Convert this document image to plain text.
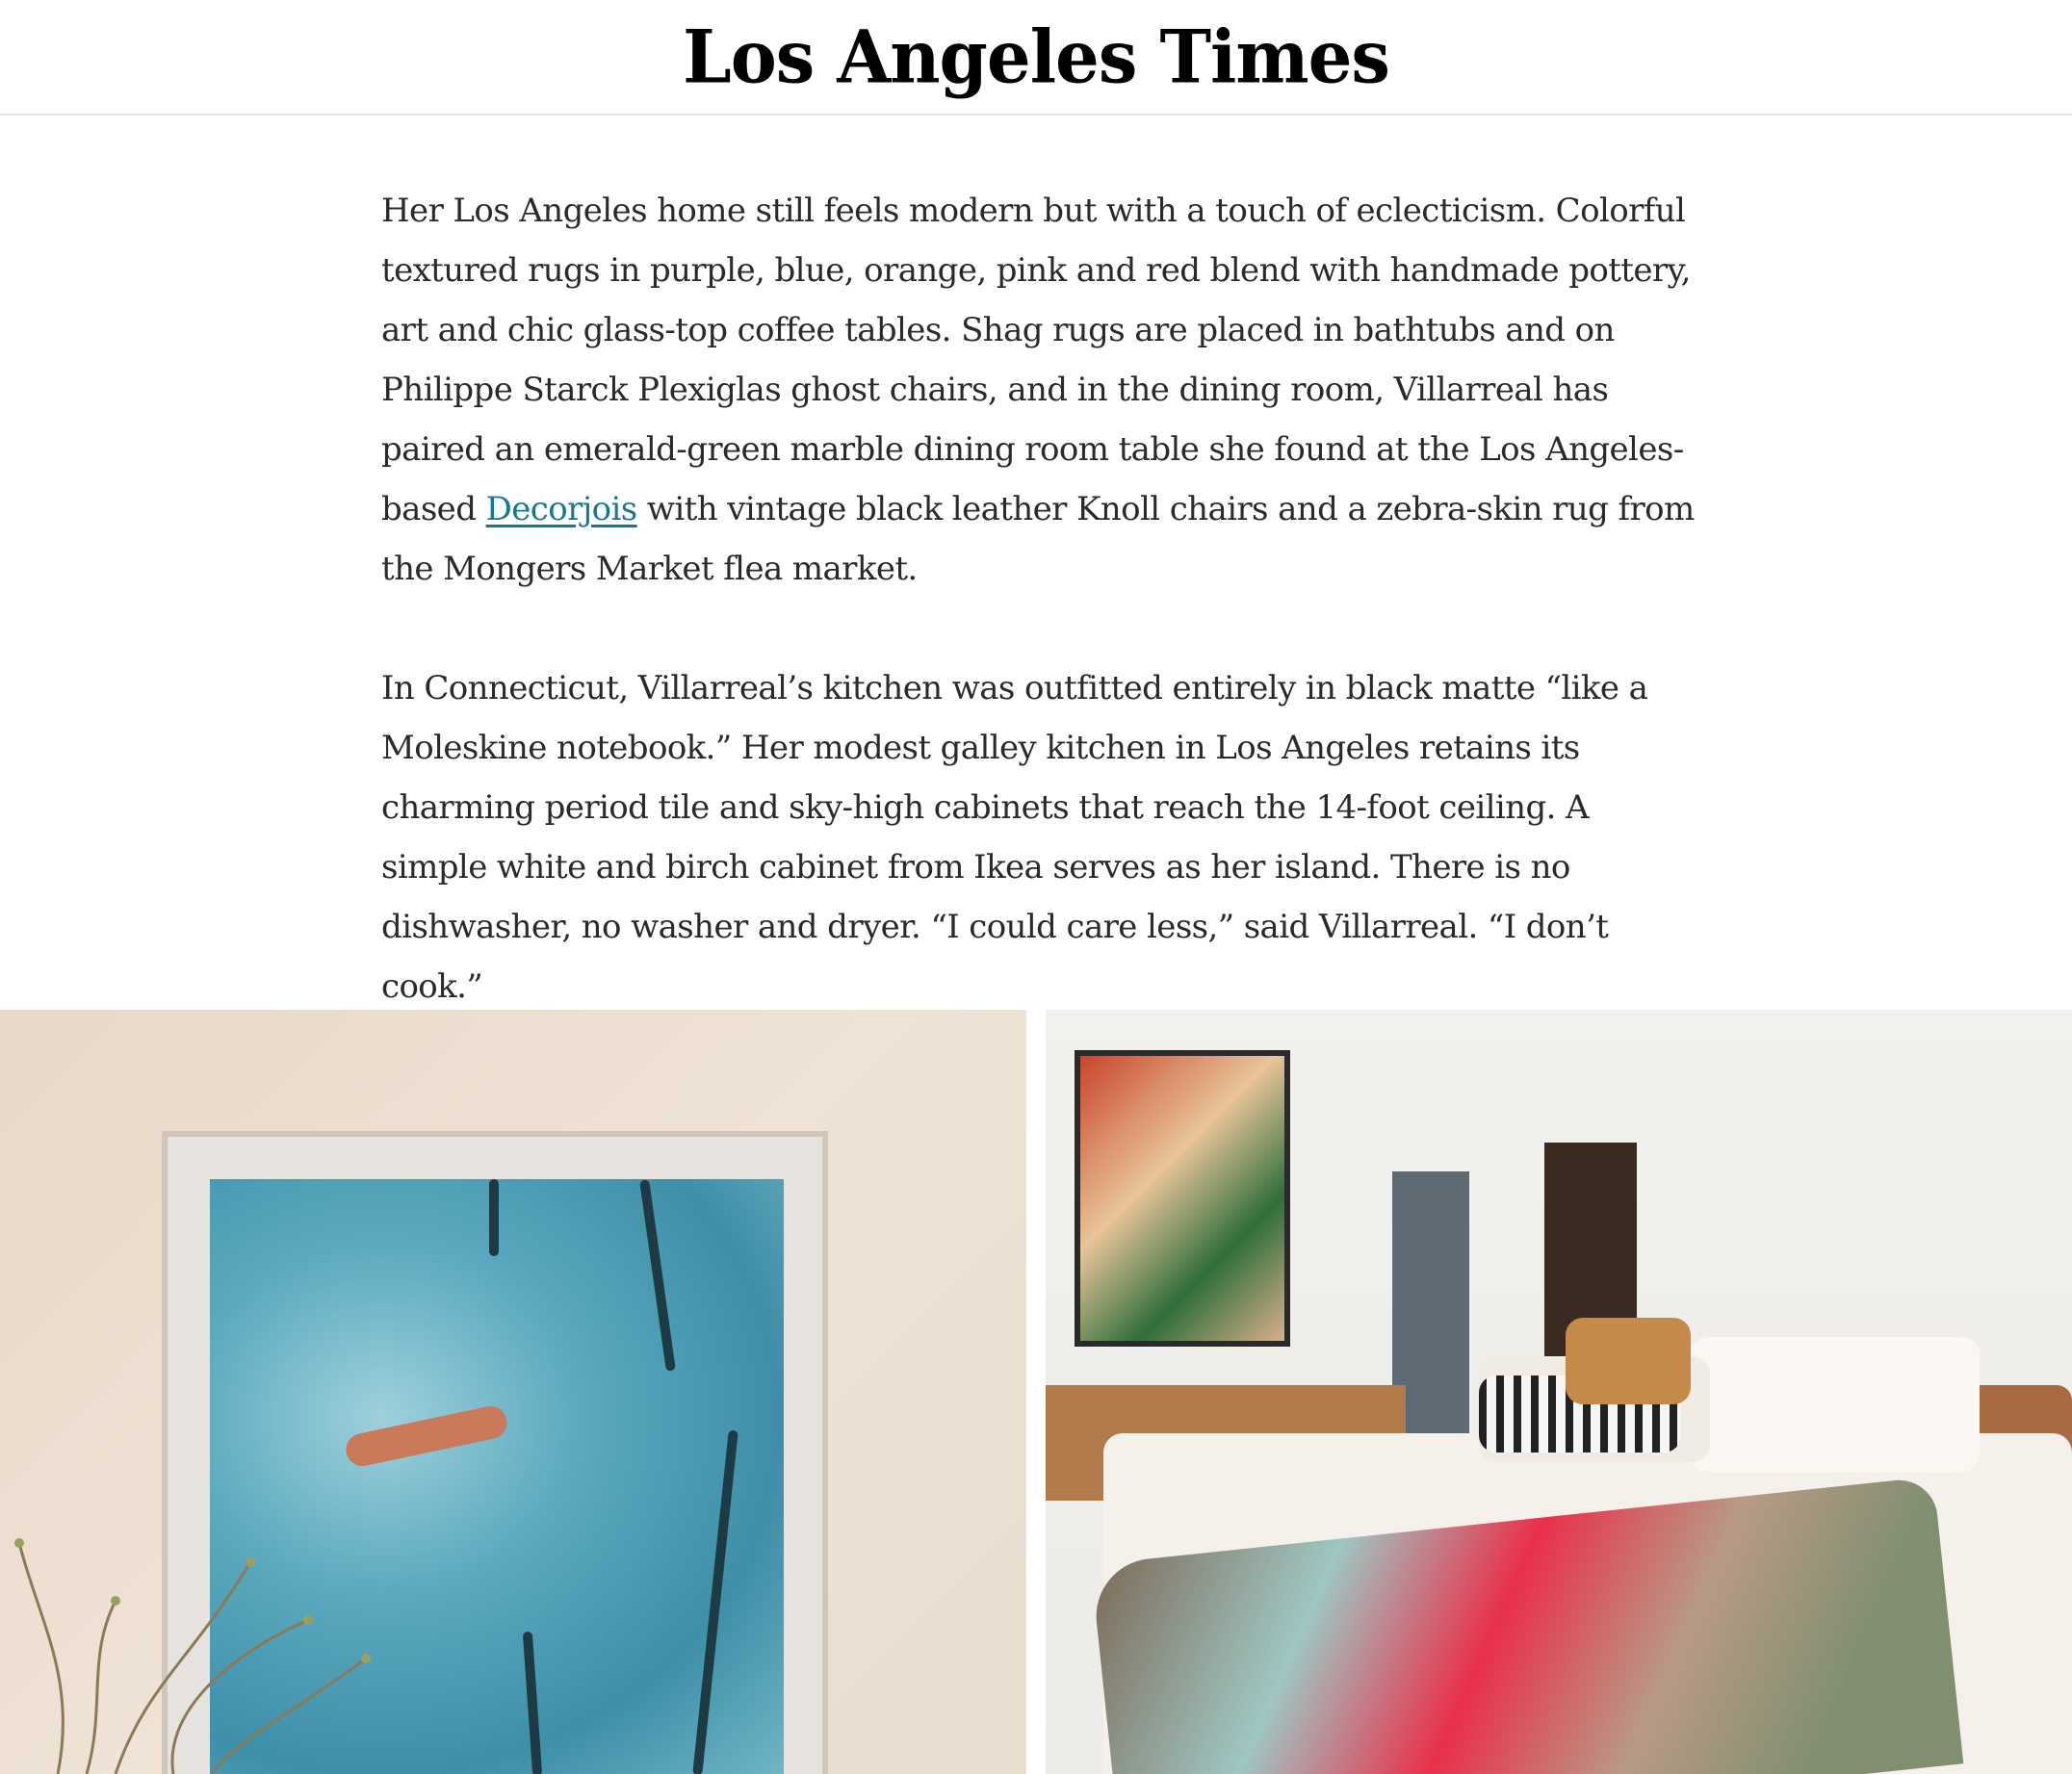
Los Angeles Times

Her Los Angeles home still feels modern but with a touch of eclecticism. Colorful textured rugs in purple, blue, orange, pink and red blend with handmade pottery, art and chic glass-top coffee tables. Shag rugs are placed in bathtubs and on Philippe Starck Plexiglas ghost chairs, and in the dining room, Villarreal has paired an emerald-green marble dining room table she found at the Los Angeles-based Decorjois with vintage black leather Knoll chairs and a zebra-skin rug from the Mongers Market flea market.

In Connecticut, Villarreal’s kitchen was outfitted entirely in black matte “like a Moleskine notebook.” Her modest galley kitchen in Los Angeles retains its charming period tile and sky-high cabinets that reach the 14-foot ceiling. A simple white and birch cabinet from Ikea serves as her island. There is no dishwasher, no washer and dryer. “I could care less,” said Villarreal. “I don’t cook.”
